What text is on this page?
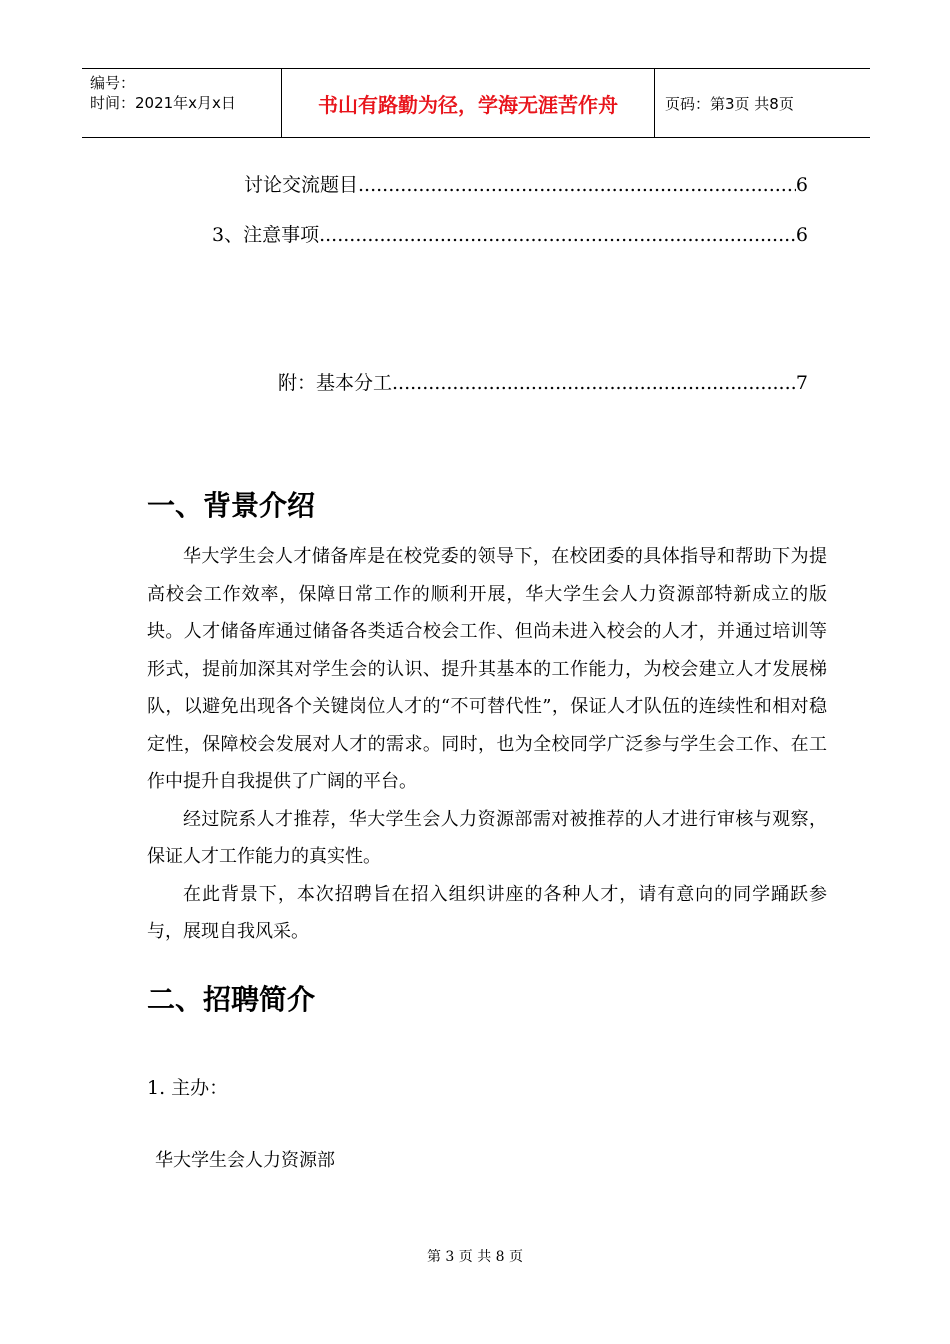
编号：
时间：2021年x月x日	书山有路勤为径，学海无涯苦作舟	页码：第3页 共8页
讨论交流题目 .....	6
3、注意事项 .....	6
附：基本分工 .....	7
一、背景介绍

华大学生会人才储备库是在校党委的领导下，在校团委的具体指导和帮助下为提高校会工作效率，保障日常工作的顺利开展，华大学生会人力资源部特新成立的版块。人才储备库通过储备各类适合校会工作、但尚未进入校会的人才，并通过培训等形式，提前加深其对学生会的认识、提升其基本的工作能力，为校会建立人才发展梯队，以避免出现各个关键岗位人才的“不可替代性”，保证人才队伍的连续性和相对稳定性，保障校会发展对人才的需求。同时，也为全校同学广泛参与学生会工作、在工作中提升自我提供了广阔的平台。

经过院系人才推荐，华大学生会人力资源部需对被推荐的人才进行审核与观察，保证人才工作能力的真实性。

在此背景下，本次招聘旨在招入组织讲座的各种人才，请有意向的同学踊跃参与，展现自我风采。

二、招聘简介
1. 主办：
华大学生会人力资源部
第 3 页 共 8 页
